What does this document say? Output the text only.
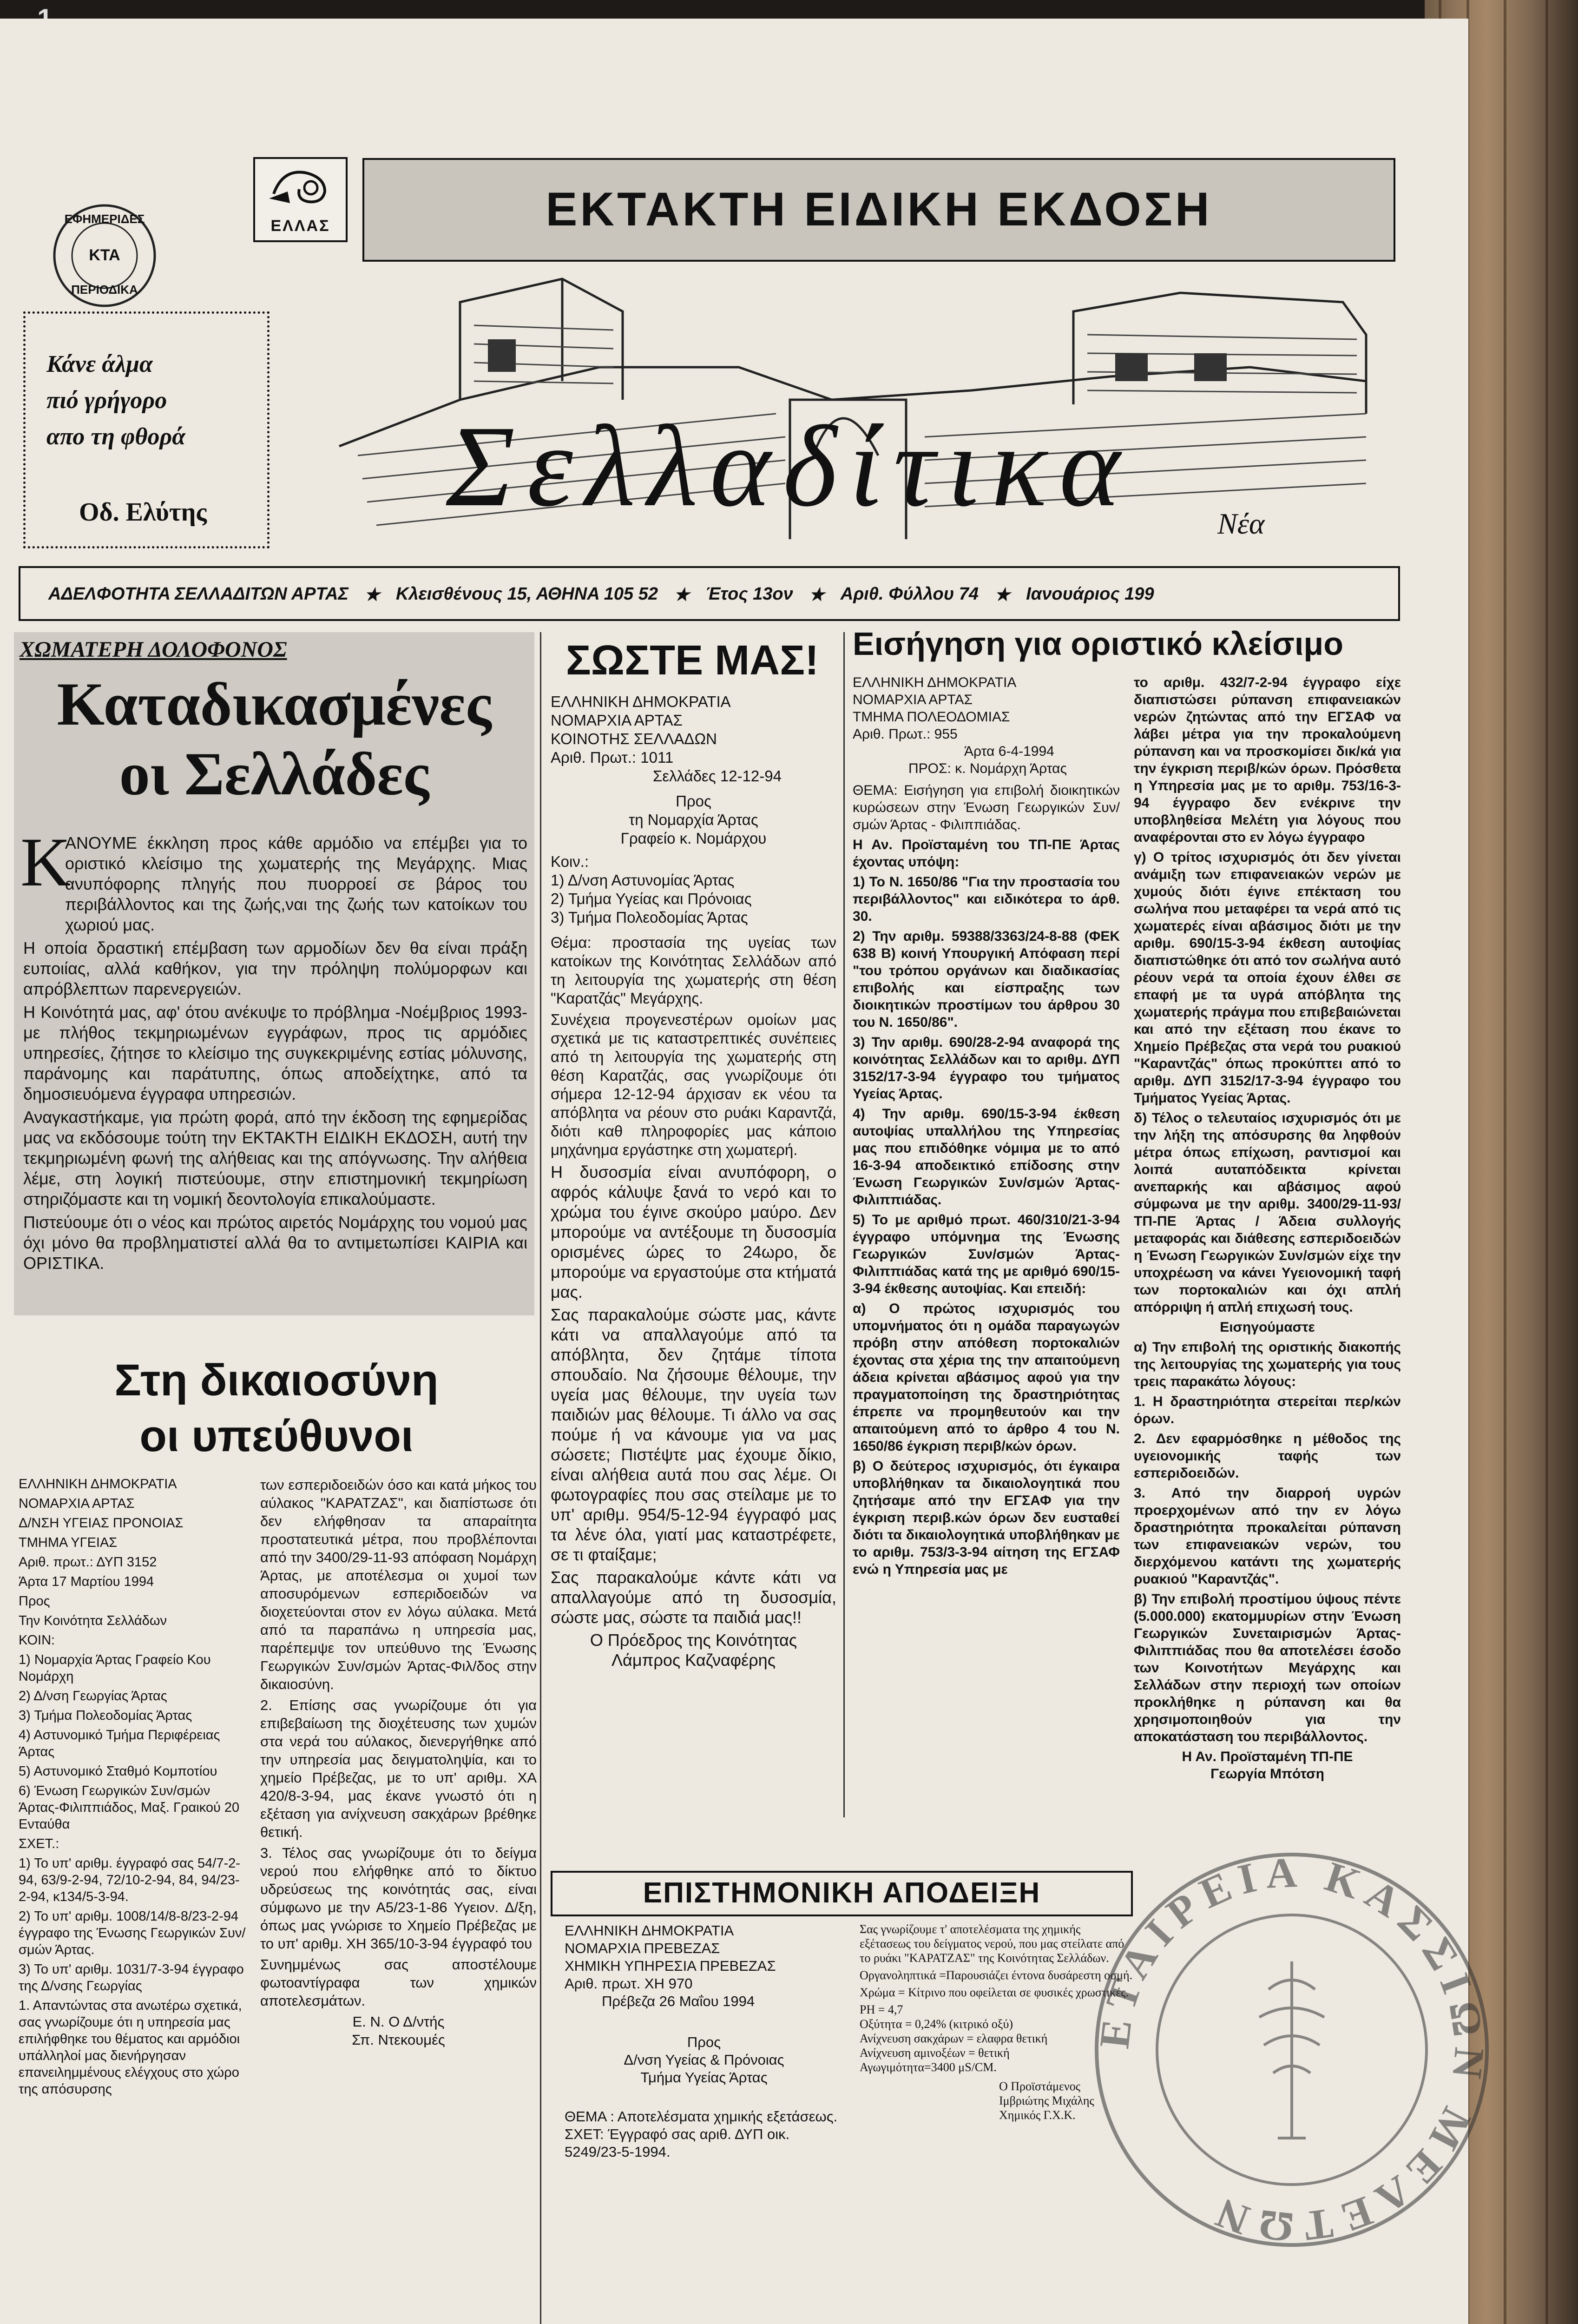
ΕΦΗΜΕΡΙΔΕΣ
ΚΤΑ
ΠΕΡΙΟΔΙΚΑ
ΕΛΛΑΣ	ΕΚΤΑΚΤΗ ΕΙΔΙΚΗ ΕΚΔΟΣΗ
Κάνε άλμα
πιό γρήγορο
απο τη φθορά
Οδ. Ελύτης Σελλαδίτικα	Νέα
ΑΔΕΛΦΟΤΗΤΑ ΣΕΛΛΑΔΙΤΩΝ ΑΡΤΑΣ ★ Κλεισθένους 15, ΑΘΗΝΑ 105 52 ★ Έτος 13ον ★ Αριθ. Φύλλου 74 ★ Ιανουάριος 199
ΧΩΜΑΤΕΡΗ ΔΟΛΟΦΟΝΟΣ
Καταδικασμένες
οι Σελλάδες
Κ

ΑΝΟΥΜΕ έκκληση προς κάθε αρμόδιο να επέμβει για το οριστικό κλείσιμο της χωματερής της Μεγάρχης. Μιας ανυπόφορης πληγής που πυορροεί σε βάρος του περιβάλλοντος και της ζωής,ναι της ζωής των κατοίκων του χωριού μας.

Η οποία δραστική επέμβαση των αρμοδίων δεν θα είναι πράξη ευποιίας, αλλά καθήκον, για την πρόληψη πολύμορφων και απρόβλεπτων παρενεργειών.

Η Κοινότητά μας, αφ' ότου ανέκυψε το πρόβλημα -Νοέμβριος 1993- με πλήθος τεκμηριωμένων εγγράφων, προς τις αρμόδιες υπηρεσίες, ζήτησε το κλείσιμο της συγκεκριμένης εστίας μόλυνσης, παράνομης και παράτυπης, όπως αποδείχτηκε, από τα δημοσιευόμενα έγγραφα υπηρεσιών.

Αναγκαστήκαμε, για πρώτη φορά, από την έκδοση της εφημερίδας μας να εκδόσουμε τούτη την ΕΚΤΑΚΤΗ ΕΙΔΙΚΗ ΕΚΔΟΣΗ, αυτή την τεκμηριωμένη φωνή της αλήθειας και της απόγνωσης. Την αλήθεια λέμε, στη λογική πιστεύουμε, στην επιστημονική τεκμηρίωση στηριζόμαστε και τη νομική δεοντολογία επικαλούμαστε.

Πιστεύουμε ότι ο νέος και πρώτος αιρετός Νομάρχης του νομού μας όχι μόνο θα προβληματιστεί αλλά θα το αντιμετωπίσει ΚΑΙΡΙΑ και ΟΡΙΣΤΙΚΑ.

Στη δικαιοσύνη
οι υπεύθυνοι

ΕΛΛΗΝΙΚΗ ΔΗΜΟΚΡΑΤΙΑ

ΝΟΜΑΡΧΙΑ ΑΡΤΑΣ

Δ/ΝΣΗ ΥΓΕΙΑΣ ΠΡΟΝΟΙΑΣ

ΤΜΗΜΑ ΥΓΕΙΑΣ

Αριθ. πρωτ.: ΔΥΠ 3152

Άρτα 17 Μαρτίου 1994

Προς

Την Κοινότητα Σελλάδων

ΚΟΙΝ:

1) Νομαρχία Άρτας Γραφείο Κου Νομάρχη

2) Δ/νση Γεωργίας Άρτας

3) Τμήμα Πολεοδομίας Άρτας

4) Αστυνομικό Τμήμα Περιφέρειας Άρτας

5) Αστυνομικό Σταθμό Κομποτίου

6) Ένωση Γεωργικών Συν/σμών Άρτας-Φιλιππιάδος, Μαξ. Γραικού 20 Ενταύθα

ΣΧΕΤ.:

1) Το υπ' αριθμ. έγγραφό σας 54/7-2-94, 63/9-2-94, 72/10-2-94, 84, 94/23-2-94, κ134/5-3-94.

2) Το υπ' αριθμ. 1008/14/8-8/23-2-94 έγγραφο της Ένωσης Γεωργικών Συν/σμών Άρτας.

3) Το υπ' αριθμ. 1031/7-3-94 έγγραφο της Δ/νσης Γεωργίας

1. Απαντώντας στα ανωτέρω σχετικά, σας γνωρίζουμε ότι η υπηρεσία μας επιλήφθηκε του θέματος και αρμόδιοι υπάλληλοί μας διενήργησαν επανειλημμένους ελέγχους στο χώρο της απόσυρσης

των εσπεριδοειδών όσο και κατά μήκος του αύλακος "ΚΑΡΑΤΖΑΣ", και διαπίστωσε ότι δεν ελήφθησαν τα απαραίτητα προστατευτικά μέτρα, που προβλέπονται από την 3400/29-11-93 απόφαση Νομάρχη Άρτας, με αποτέλεσμα οι χυμοί των αποσυρόμενων εσπεριδοειδών να διοχετεύονται στον εν λόγω αύλακα. Μετά από τα παραπάνω η υπηρεσία μας, παρέπεμψε τον υπεύθυνο της Ένωσης Γεωργικών Συν/σμών Άρτας-Φιλ/δος στην δικαιοσύνη.

2. Επίσης σας γνωρίζουμε ότι για επιβεβαίωση της διοχέτευσης των χυμών στα νερά του αύλακος, διενεργήθηκε από την υπηρεσία μας δειγματοληψία, και το χημείο Πρέβεζας, με το υπ' αριθμ. ΧΑ 420/8-3-94, μας έκανε γνωστό ότι η εξέταση για ανίχνευση σακχάρων βρέθηκε θετική.

3. Τέλος σας γνωρίζουμε ότι το δείγμα νερού που ελήφθηκε από το δίκτυο υδρεύσεως της κοινότητάς σας, είναι σύμφωνο με την Α5/23-1-86 Υγειον. Δ/ξη, όπως μας γνώρισε το Χημείο Πρέβεζας με το υπ' αριθμ. ΧΗ 365/10-3-94 έγγραφό του

Συνημμένως σας αποστέλουμε φωτοαντίγραφα των χημικών αποτελεσμάτων.

Ε. Ν. Ο Δ/ντής
Σπ. Ντεκουμές
ΣΩΣΤΕ ΜΑΣ!
ΕΛΛΗΝΙΚΗ ΔΗΜΟΚΡΑΤΙΑ
ΝΟΜΑΡΧΙΑ ΑΡΤΑΣ
ΚΟΙΝΟΤΗΣ ΣΕΛΛΑΔΩΝ
Αριθ. Πρωτ.: 1011
Σελλάδες 12-12-94
Προς
τη Νομαρχία Άρτας
Γραφείο κ. Νομάρχου
Κοιν.:
1) Δ/νση Αστυνομίας Άρτας
2) Τμήμα Υγείας και Πρόνοιας
3) Τμήμα Πολεοδομίας Άρτας

Θέμα: προστασία της υγείας των κατοίκων της Κοινότητας Σελλάδων από τη λειτουργία της χωματερής στη θέση "Καρατζάς" Μεγάρχης.

Συνέχεια προγενεστέρων ομοίων μας σχετικά με τις καταστρεπτικές συνέπειες από τη λειτουργία της χωματερής στη θέση Καρατζάς, σας γνωρίζουμε ότι σήμερα 12-12-94 άρχισαν εκ νέου τα απόβλητα να ρέουν στο ρυάκι Καραντζά, διότι καθ πληροφορίες μας κάποιο μηχάνημα εργάστηκε στη χωματερή.

Η δυσοσμία είναι ανυπόφορη, ο αφρός κάλυψε ξανά το νερό και το χρώμα του έγινε σκούρο μαύρο. Δεν μπορούμε να αντέξουμε τη δυσοσμία ορισμένες ώρες το 24ωρο, δε μπορούμε να εργαστούμε στα κτήματά μας.

Σας παρακαλούμε σώστε μας, κάντε κάτι να απαλλαγούμε από τα απόβλητα, δεν ζητάμε τίποτα σπουδαίο. Να ζήσουμε θέλουμε, την υγεία μας θέλουμε, την υγεία των παιδιών μας θέλουμε. Τι άλλο να σας πούμε ή να κάνουμε για να μας σώσετε; Πιστέψτε μας έχουμε δίκιο, είναι αλήθεια αυτά που σας λέμε. Οι φωτογραφίες που σας στείλαμε με το υπ' αριθμ. 954/5-12-94 έγγραφό μας τα λένε όλα, γιατί μας καταστρέφετε, σε τι φταίξαμε;

Σας παρακαλούμε κάντε κάτι να απαλλαγούμε από τη δυσοσμία, σώστε μας, σώστε τα παιδιά μας!!

Ο Πρόεδρος της Κοινότητας
Λάμπρος Καζναφέρης
Εισήγηση για οριστικό κλείσιμο
ΕΛΛΗΝΙΚΗ ΔΗΜΟΚΡΑΤΙΑ
ΝΟΜΑΡΧΙΑ ΑΡΤΑΣ
ΤΜΗΜΑ ΠΟΛΕΟΔΟΜΙΑΣ
Αριθ. Πρωτ.: 955
Άρτα 6-4-1994
ΠΡΟΣ: κ. Νομάρχη Άρτας

ΘΕΜΑ: Εισήγηση για επιβολή διοικητικών κυρώσεων στην Ένωση Γεωργικών Συν/σμών Άρτας - Φιλιππιάδας.

Η Αν. Προϊσταμένη του ΤΠ-ΠΕ Άρτας έχοντας υπόψη:

1) Το Ν. 1650/86 "Για την προστασία του περιβάλλοντος" και ειδικότερα το άρθ. 30.

2) Την αριθμ. 59388/3363/24-8-88 (ΦΕΚ 638 Β) κοινή Υπουργική Απόφαση περί "του τρόπου οργάνων και διαδικασίας επιβολής και είσπραξης των διοικητικών προστίμων του άρθρου 30 του Ν. 1650/86".

3) Την αριθμ. 690/28-2-94 αναφορά της κοινότητας Σελλάδων και το αριθμ. ΔΥΠ 3152/17-3-94 έγγραφο του τμήματος Υγείας Άρτας.

4) Την αριθμ. 690/15-3-94 έκθεση αυτοψίας υπαλλήλου της Υπηρεσίας μας που επιδόθηκε νόμιμα με το από 16-3-94 αποδεικτικό επίδοσης στην Ένωση Γεωργικών Συν/σμών Άρτας-Φιλιππιάδας.

5) Το με αριθμό πρωτ. 460/310/21-3-94 έγγραφο υπόμνημα της Ένωσης Γεωργικών Συν/σμών Άρτας-Φιλιππιάδας κατά της με αριθμό 690/15-3-94 έκθεσης αυτοψίας. Και επειδή:

α) Ο πρώτος ισχυρισμός του υπομνήματος ότι η ομάδα παραγωγών πρόβη στην απόθεση πορτοκαλιών έχοντας στα χέρια της την απαιτούμενη άδεια κρίνεται αβάσιμος αφού για την πραγματοποίηση της δραστηριότητας έπρεπε να προμηθευτούν και την απαιτούμενη από το άρθρο 4 του Ν. 1650/86 έγκριση περιβ/κών όρων.

β) Ο δεύτερος ισχυρισμός, ότι έγκαιρα υποβλήθηκαν τα δικαιολογητικά που ζητήσαμε από την ΕΓΣΑΦ για την έγκριση περιβ.κών όρων δεν ευσταθεί διότι τα δικαιολογητικά υποβλήθηκαν με το αριθμ. 753/3-3-94 αίτηση της ΕΓΣΑΦ ενώ η Υπηρεσία μας με

το αριθμ. 432/7-2-94 έγγραφο είχε διαπιστώσει ρύπανση επιφανειακών νερών ζητώντας από την ΕΓΣΑΦ να λάβει μέτρα για την προκαλούμενη ρύπανση και να προσκομίσει δικ/κά για την έγκριση περιβ/κών όρων. Πρόσθετα η Υπηρεσία μας με το αριθμ. 753/16-3-94 έγγραφο δεν ενέκρινε την υποβληθείσα Μελέτη για λόγους που αναφέρονται στο εν λόγω έγγραφο

γ) Ο τρίτος ισχυρισμός ότι δεν γίνεται ανάμιξη των επιφανειακών νερών με χυμούς διότι έγινε επέκταση του σωλήνα που μεταφέρει τα νερά από τις χωματερές είναι αβάσιμος διότι με την αριθμ. 690/15-3-94 έκθεση αυτοψίας διαπιστώθηκε ότι από τον σωλήνα αυτό ρέουν νερά τα οποία έχουν έλθει σε επαφή με τα υγρά απόβλητα της χωματερής πράγμα που επιβεβαιώνεται και από την εξέταση που έκανε το Χημείο Πρέβεζας στα νερά του ρυακιού "Καραντζάς" όπως προκύπτει από το αριθμ. ΔΥΠ 3152/17-3-94 έγγραφο του Τμήματος Υγείας Άρτας.

δ) Τέλος ο τελευταίος ισχυρισμός ότι με την λήξη της απόσυρσης θα ληφθούν μέτρα όπως επίχωση, ραντισμοί και λοιπά αυταπόδεικτα κρίνεται ανεπαρκής και αβάσιμος αφού σύμφωνα με την αριθμ. 3400/29-11-93/ΤΠ-ΠΕ Άρτας / Άδεια συλλογής μεταφοράς και διάθεσης εσπεριδοειδών η Ένωση Γεωργικών Συν/σμών είχε την υποχρέωση να κάνει Υγειονομική ταφή των πορτοκαλιών και όχι απλή απόρριψη ή απλή επιχωσή τους.

Εισηγούμαστε

α) Την επιβολή της οριστικής διακοπής της λειτουργίας της χωματερής για τους τρεις παρακάτω λόγους:

1. Η δραστηριότητα στερείται περ/κών όρων.

2. Δεν εφαρμόσθηκε η μέθοδος της υγειονομικής ταφής των εσπεριδοειδών.

3. Από την διαρροή υγρών προερχομένων από την εν λόγω δραστηριότητα προκαλείται ρύπανση των επιφανειακών νερών, του διερχόμενου κατάντι της χωματερής ρυακιού "Καραντζάς".

β) Την επιβολή προστίμου ύψους πέντε (5.000.000) εκατομμυρίων στην Ένωση Γεωργικών Συνεταιρισμών Άρτας-Φιλιππιάδας που θα αποτελέσει έσοδο των Κοινοτήτων Μεγάρχης και Σελλάδων στην περιοχή των οποίων προκλήθηκε η ρύπανση και θα χρησιμοποιηθούν για την αποκατάσταση του περιβάλλοντος.

Η Αν. Προϊσταμένη ΤΠ-ΠΕ
Γεωργία Μπότση
ΕΠΙΣΤΗΜΟΝΙΚΗ ΑΠΟΔΕΙΞΗ
ΕΛΛΗΝΙΚΗ ΔΗΜΟΚΡΑΤΙΑ
ΝΟΜΑΡΧΙΑ ΠΡΕΒΕΖΑΣ
ΧΗΜΙΚΗ ΥΠΗΡΕΣΙΑ ΠΡΕΒΕΖΑΣ
Αριθ. πρωτ. ΧΗ 970
Πρέβεζα 26 Μαΐου 1994
Προς
Δ/νση Υγείας & Πρόνοιας
Τμήμα Υγείας Άρτας
ΘΕΜΑ : Αποτελέσματα χημικής εξετάσεως.
ΣΧΕΤ: Έγγραφό σας αριθ. ΔΥΠ οικ. 5249/23-5-1994.

Σας γνωρίζουμε τ' αποτελέσματα της χημικής εξέτασεως του δείγματος νερού, που μας στείλατε από το ρυάκι "ΚΑΡΑΤΖΑΣ" της Κοινότητας Σελλάδων.

Οργανοληπτικά =Παρουσιάζει έντονα δυσάρεστη οσμή.

Χρώμα = Κίτρινο που οφείλεται σε φυσικές χρωστικές.

PH = 4,7

Οξύτητα = 0,24% (κιτρικό οξύ)

Ανίχνευση σακχάρων = ελαφρα θετική

Ανίχνευση αμινοξέων = θετική

Αγωγιμότητα=3400 μS/CM.

Ο Προϊστάμενος
Ιμβριώτης Μιχάλης
Χημικός Γ.Χ.Κ.
ΕΤΑΙΡΕΙΑ ΚΑΣΣΙΩΝ ΜΕΛΕΤΩΝ
